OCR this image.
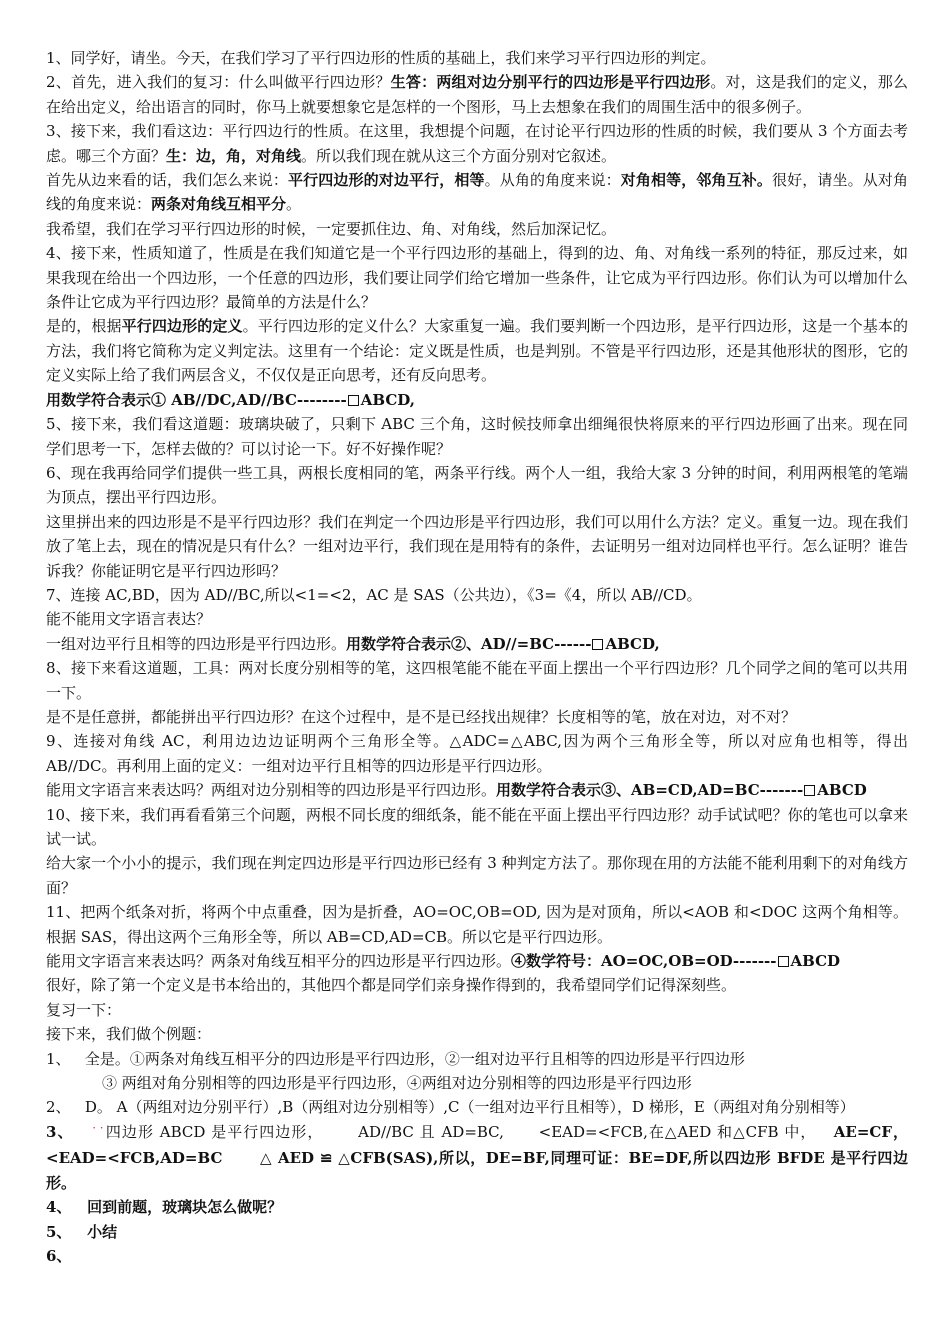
1、同学好，请坐。今天，在我们学习了平行四边形的性质的基础上，我们来学习平行四边形的判定。

2、首先，进入我们的复习：什么叫做平行四边形？生答：两组对边分别平行的四边形是平行四边形。对，这是我们的定义，那么在给出定义，给出语言的同时，你马上就要想象它是怎样的一个图形，马上去想象在我们的周围生活中的很多例子。

3、接下来，我们看这边：平行四边行的性质。在这里，我想提个问题，在讨论平行四边形的性质的时候，我们要从 3 个方面去考虑。哪三个方面？生：边，角，对角线。所以我们现在就从这三个方面分别对它叙述。

首先从边来看的话，我们怎么来说：平行四边形的对边平行，相等。从角的角度来说：对角相等，邻角互补。很好，请坐。从对角线的角度来说：两条对角线互相平分。

我希望，我们在学习平行四边形的时候，一定要抓住边、角、对角线，然后加深记忆。

4、接下来，性质知道了，性质是在我们知道它是一个平行四边形的基础上，得到的边、角、对角线一系列的特征，那反过来，如果我现在给出一个四边形，一个任意的四边形，我们要让同学们给它增加一些条件，让它成为平行四边形。你们认为可以增加什么条件让它成为平行四边形？最简单的方法是什么？

是的，根据平行四边形的定义。平行四边形的定义什么？大家重复一遍。我们要判断一个四边形，是平行四边形，这是一个基本的方法，我们将它简称为定义判定法。这里有一个结论：定义既是性质，也是判别。不管是平行四边形，还是其他形状的图形，它的定义实际上给了我们两层含义，不仅仅是正向思考，还有反向思考。

用数学符合表示① AB//DC,AD//BC-------- ABCD,

5、接下来，我们看这道题：玻璃块破了，只剩下 ABC 三个角，这时候技师拿出细绳很快将原来的平行四边形画了出来。现在同学们思考一下，怎样去做的？可以讨论一下。好不好操作呢？

6、现在我再给同学们提供一些工具，两根长度相同的笔，两条平行线。两个人一组，我给大家 3 分钟的时间，利用两根笔的笔端为顶点，摆出平行四边形。

这里拼出来的四边形是不是平行四边形？我们在判定一个四边形是平行四边形，我们可以用什么方法？定义。重复一边。现在我们放了笔上去，现在的情况是只有什么？一组对边平行，我们现在是用特有的条件，去证明另一组对边同样也平行。怎么证明？谁告诉我？你能证明它是平行四边形吗？

7、连接 AC,BD，因为 AD//BC,所以<1=<2，AC 是 SAS（公共边），《3=《4，所以 AB//CD。

能不能用文字语言表达？

一组对边平行且相等的四边形是平行四边形。用数学符合表示②、AD//=BC------ ABCD,

8、接下来看这道题，工具：两对长度分别相等的笔，这四根笔能不能在平面上摆出一个平行四边形？几个同学之间的笔可以共用一下。

是不是任意拼，都能拼出平行四边形？在这个过程中，是不是已经找出规律？长度相等的笔，放在对边，对不对？

9、连接对角线 AC，利用边边边证明两个三角形全等。△ADC=△ABC,因为两个三角形全等，所以对应角也相等，得出 AB//DC。再利用上面的定义：一组对边平行且相等的四边形是平行四边形。

能用文字语言来表达吗？两组对边分别相等的四边形是平行四边形。用数学符合表示③、AB=CD,AD=BC------- ABCD

10、接下来，我们再看看第三个问题，两根不同长度的细纸条，能不能在平面上摆出平行四边形？动手试试吧？你的笔也可以拿来试一试。

给大家一个小小的提示，我们现在判定四边形是平行四边形已经有 3 种判定方法了。那你现在用的方法能不能利用剩下的对角线方面？

11、把两个纸条对折，将两个中点重叠，因为是折叠，AO=OC,OB=OD, 因为是对顶角，所以<AOB 和<DOC 这两个角相等。根据 SAS，得出这两个三角形全等，所以 AB=CD,AD=CB。所以它是平行四边形。

能用文字语言来表达吗？两条对角线互相平分的四边形是平行四边形。④数学符号：AO=OC,OB=OD------- ABCD

很好，除了第一个定义是书本给出的，其他四个都是同学们亲身操作得到的，我希望同学们记得深刻些。

复习一下：

接下来，我们做个例题：

1、 全是。①两条对角线互相平分的四边形是平行四边形，②一组对边平行且相等的四边形是平行四边形

③ 两组对角分别相等的四边形是平行四边形，④两组对边分别相等的四边形是平行四边形

2、 D。 A（两组对边分别平行）,B（两组对边分别相等）,C（一组对边平行且相等），D 梯形，E（两组对角分别相等）

3、 ˙˙四边形 ABCD 是平行四边形， AD//BC 且 AD=BC, <EAD=<FCB,在△AED 和△CFB 中， AE=CF，<EAD=<FCB,AD=BC	△ AED ≌ △CFB(SAS),所以，DE=BF,同理可证：BE=DF,所以四边形 BFDE 是平行四边形。

4、 回到前题，玻璃块怎么做呢？

5、 小结

6、
